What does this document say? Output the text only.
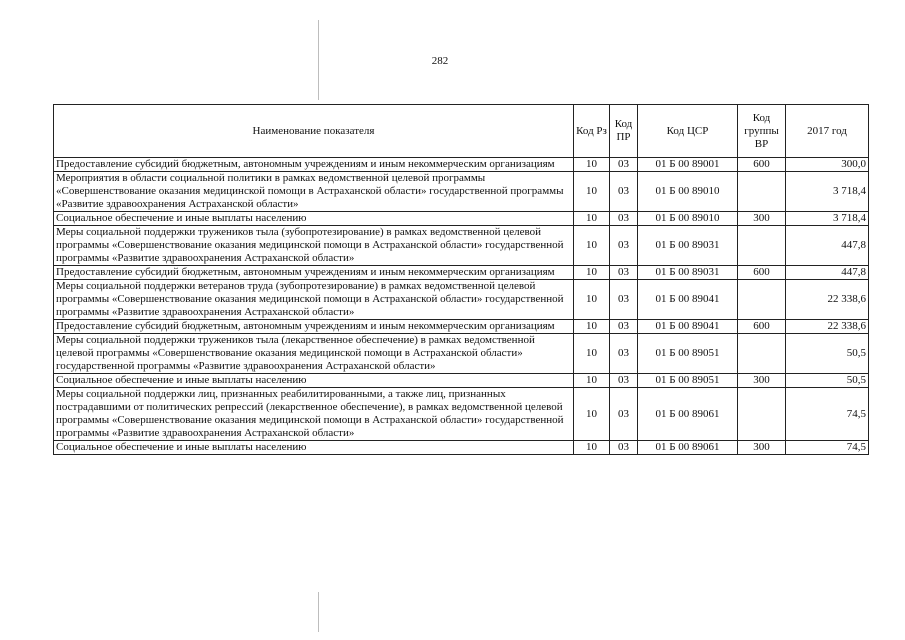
282
Наименование показателя	Код Рз	Код ПР	Код ЦСР	Код группы ВР	2017 год
Предоставление субсидий бюджетным, автономным учреждениям и иным некоммерческим организациям	10	03	01 Б 00 89001	600	300,0
Мероприятия в области социальной политики в рамках ведомственной целевой программы «Совершенствование оказания медицинской помощи в Астраханской области» государственной программы «Развитие здравоохранения Астраханской области»	10	03	01 Б 00 89010		3 718,4
Социальное обеспечение и иные выплаты населению	10	03	01 Б 00 89010	300	3 718,4
Меры социальной поддержки тружеников тыла (зубопротезирование) в рамках ведомственной целевой программы «Совершенствование оказания медицинской помощи в Астраханской области» государственной программы «Развитие здравоохранения Астраханской области»	10	03	01 Б 00 89031		447,8
Предоставление субсидий бюджетным, автономным учреждениям и иным некоммерческим организациям	10	03	01 Б 00 89031	600	447,8
Меры социальной поддержки ветеранов труда (зубопротезирование) в рамках ведомственной целевой программы «Совершенствование оказания медицинской помощи в Астраханской области» государственной программы «Развитие здравоохранения Астраханской области»	10	03	01 Б 00 89041		22 338,6
Предоставление субсидий бюджетным, автономным учреждениям и иным некоммерческим организациям	10	03	01 Б 00 89041	600	22 338,6
Меры социальной поддержки тружеников тыла (лекарственное обеспечение) в рамках ведомственной целевой программы «Совершенствование оказания медицинской помощи в Астраханской области» государственной программы «Развитие здравоохранения Астраханской области»	10	03	01 Б 00 89051		50,5
Социальное обеспечение и иные выплаты населению	10	03	01 Б 00 89051	300	50,5
Меры социальной поддержки лиц, признанных реабилитированными, а также лиц, признанных пострадавшими от политических репрессий (лекарственное обеспечение), в рамках ведомственной целевой программы «Совершенствование оказания медицинской помощи в Астраханской области» государственной программы «Развитие здравоохранения Астраханской области»	10	03	01 Б 00 89061		74,5
Социальное обеспечение и иные выплаты населению	10	03	01 Б 00 89061	300	74,5
